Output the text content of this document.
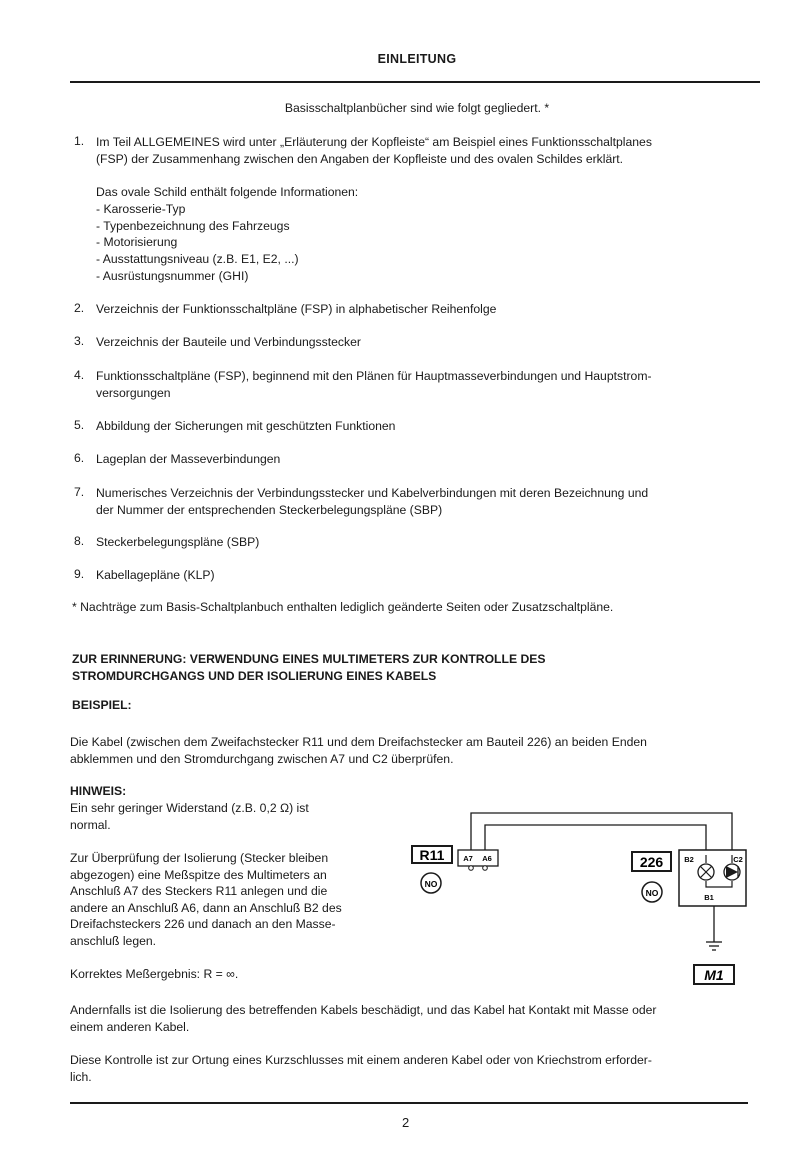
EINLEITUNG
Basisschaltplanbücher sind wie folgt gegliedert. *
1. Im Teil ALLGEMEINES wird unter „Erläuterung der Kopfleiste“ am Beispiel eines Funktionsschaltplanes
(FSP) der Zusammenhang zwischen den Angaben der Kopfleiste und des ovalen Schildes erklärt.
Das ovale Schild enthält folgende Informationen:
- Karosserie-Typ
- Typenbezeichnung des Fahrzeugs
- Motorisierung
- Ausstattungsniveau (z.B. E1, E2, ...)
- Ausrüstungsnummer (GHI)
2. Verzeichnis der Funktionsschaltpläne (FSP) in alphabetischer Reihenfolge
3. Verzeichnis der Bauteile und Verbindungsstecker
4. Funktionsschaltpläne (FSP), beginnend mit den Plänen für Hauptmasseverbindungen und Hauptstrom-
versorgungen
5. Abbildung der Sicherungen mit geschützten Funktionen
6. Lageplan der Masseverbindungen
7. Numerisches Verzeichnis der Verbindungsstecker und Kabelverbindungen mit deren Bezeichnung und
der Nummer der entsprechenden Steckerbelegungspläne (SBP)
8. Steckerbelegungspläne (SBP)
9. Kabellagepläne (KLP)
* Nachträge zum Basis-Schaltplanbuch enthalten lediglich geänderte Seiten oder Zusatzschaltpläne.
ZUR ERINNERUNG: VERWENDUNG EINES MULTIMETERS ZUR KONTROLLE DES
STROMDURCHGANGS UND DER ISOLIERUNG EINES KABELS
BEISPIEL:
Die Kabel (zwischen dem Zweifachstecker R11 und dem Dreifachstecker am Bauteil 226) an beiden Enden
abklemmen und den Stromdurchgang zwischen A7 und C2 überprüfen.
HINWEIS:
Ein sehr geringer Widerstand (z.B. 0,2 Ω) ist
normal.
Zur Überprüfung der Isolierung (Stecker bleiben
abgezogen) eine Meßspitze des Multimeters an
Anschluß A7 des Steckers R11 anlegen und die
andere an Anschluß A6, dann an Anschluß B2 des
Dreifachsteckers 226 und danach an den Masse-
anschluß legen.
Korrektes Meßergebnis: R = ∞.
R11 A7 A6
NO
226
NO
B2	C2
B1
M1
Andernfalls ist die Isolierung des betreffenden Kabels beschädigt, und das Kabel hat Kontakt mit Masse oder
einem anderen Kabel.
Diese Kontrolle ist zur Ortung eines Kurzschlusses mit einem anderen Kabel oder von Kriechstrom erforder-
lich.
2
